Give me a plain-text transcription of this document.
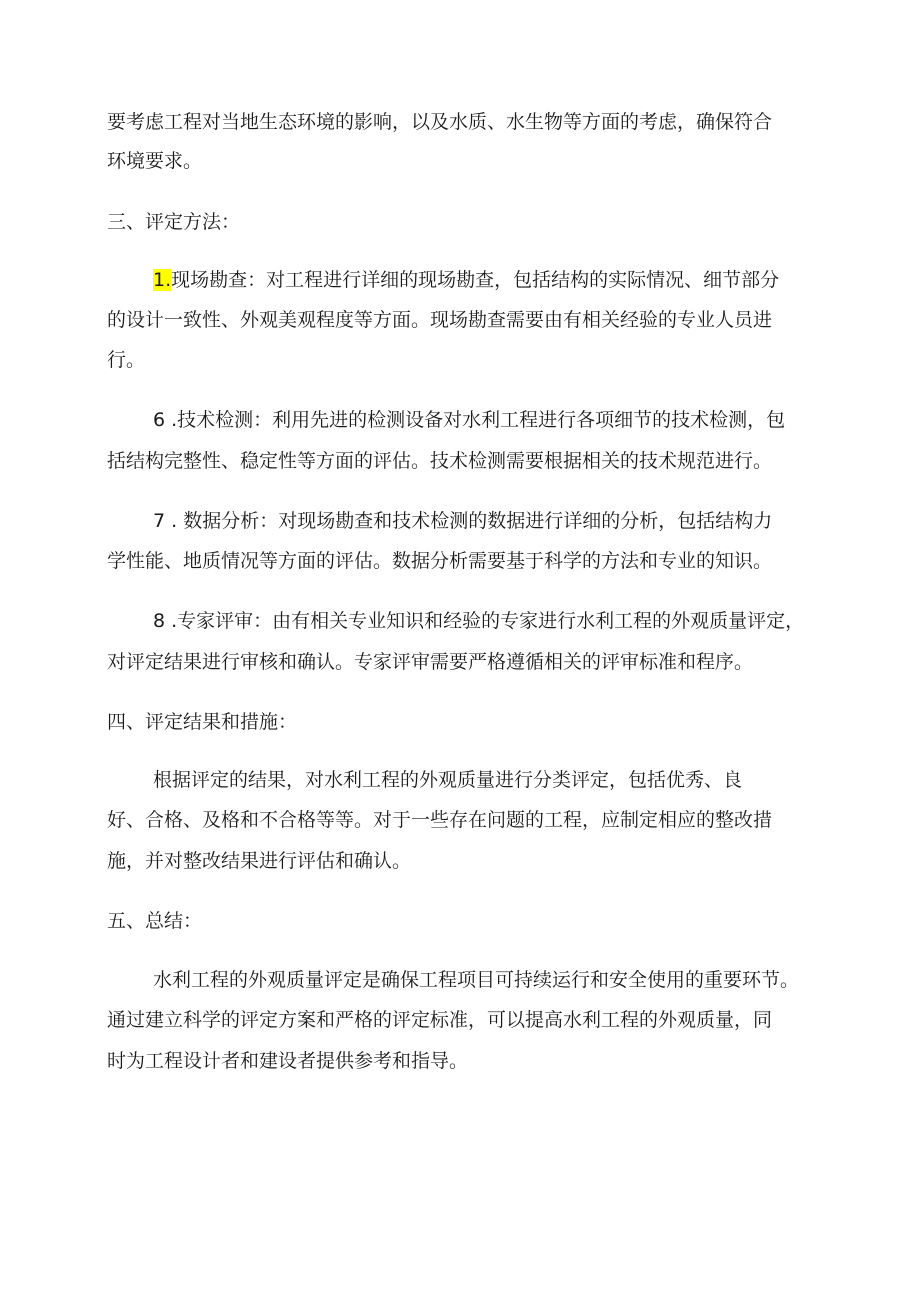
要考虑工程对当地生态环境的影响，以及水质、水生物等方面的考虑，确保符合
环境要求。
三、评定方法：
1.现场勘查：对工程进行详细的现场勘查，包括结构的实际情况、细节部分
的设计一致性、外观美观程度等方面。现场勘查需要由有相关经验的专业人员进
行。
6 .技术检测：利用先进的检测设备对水利工程进行各项细节的技术检测，包
括结构完整性、稳定性等方面的评估。技术检测需要根据相关的技术规范进行。
7 . 数据分析：对现场勘查和技术检测的数据进行详细的分析，包括结构力
学性能、地质情况等方面的评估。数据分析需要基于科学的方法和专业的知识。
8 .专家评审：由有相关专业知识和经验的专家进行水利工程的外观质量评定，
对评定结果进行审核和确认。专家评审需要严格遵循相关的评审标准和程序。
四、评定结果和措施：
根据评定的结果，对水利工程的外观质量进行分类评定，包括优秀、良
好、合格、及格和不合格等等。对于一些存在问题的工程，应制定相应的整改措
施，并对整改结果进行评估和确认。
五、总结：
水利工程的外观质量评定是确保工程项目可持续运行和安全使用的重要环节。
通过建立科学的评定方案和严格的评定标准，可以提高水利工程的外观质量，同
时为工程设计者和建设者提供参考和指导。
